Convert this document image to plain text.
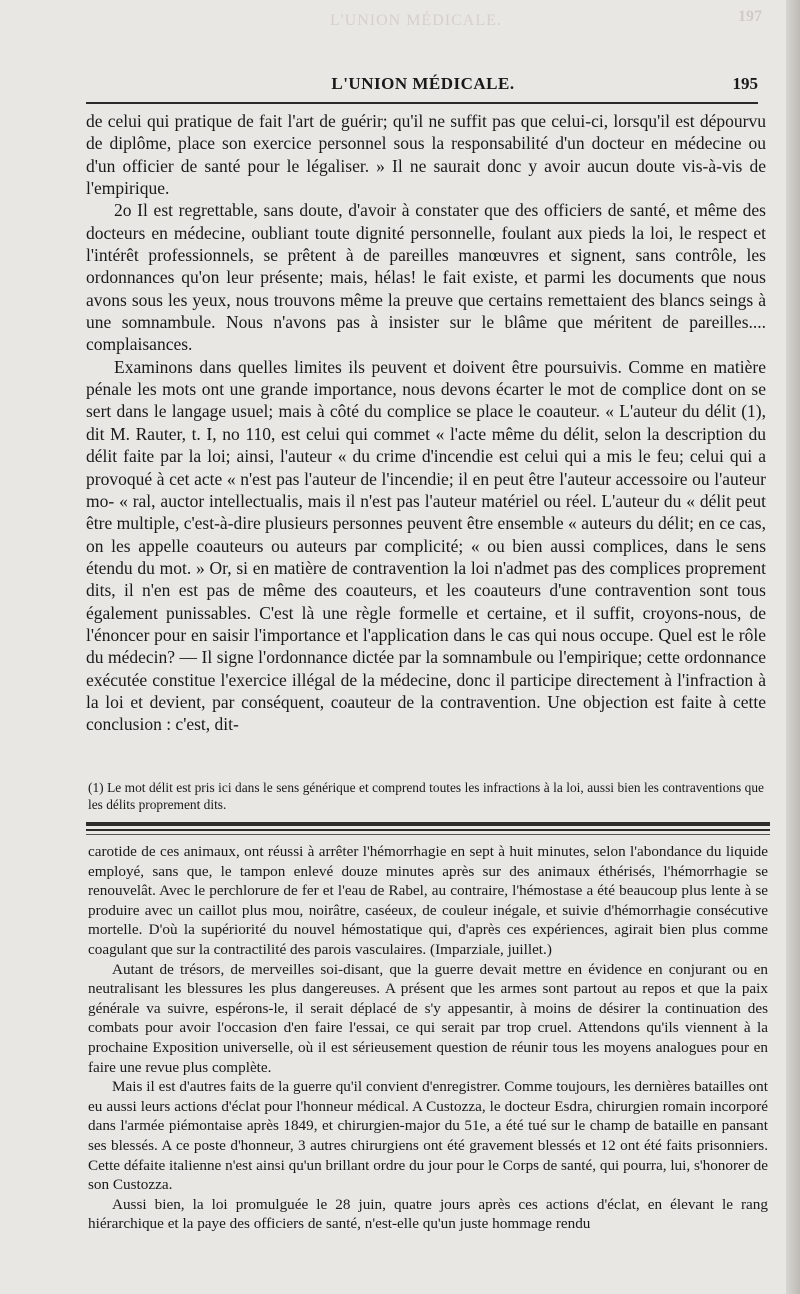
L'UNION MÉDICALE.	197
L'UNION MÉDICALE.	195

de celui qui pratique de fait l'art de guérir; qu'il ne suffit pas que celui-ci, lorsqu'il est dépourvu de diplôme, place son exercice personnel sous la responsabilité d'un docteur en médecine ou d'un officier de santé pour le légaliser. » Il ne saurait donc y avoir aucun doute vis-à-vis de l'empirique.

2o Il est regrettable, sans doute, d'avoir à constater que des officiers de santé, et même des docteurs en médecine, oubliant toute dignité personnelle, foulant aux pieds la loi, le respect et l'intérêt professionnels, se prêtent à de pareilles manœuvres et signent, sans contrôle, les ordonnances qu'on leur présente; mais, hélas! le fait existe, et parmi les documents que nous avons sous les yeux, nous trouvons même la preuve que certains remettaient des blancs seings à une somnambule. Nous n'avons pas à insister sur le blâme que méritent de pareilles.... complaisances.

Examinons dans quelles limites ils peuvent et doivent être poursuivis. Comme en matière pénale les mots ont une grande importance, nous devons écarter le mot de complice dont on se sert dans le langage usuel; mais à côté du complice se place le coauteur. « L'auteur du délit (1), dit M. Rauter, t. I, no 110, est celui qui commet « l'acte même du délit, selon la description du délit faite par la loi; ainsi, l'auteur « du crime d'incendie est celui qui a mis le feu; celui qui a provoqué à cet acte « n'est pas l'auteur de l'incendie; il en peut être l'auteur accessoire ou l'auteur mo- « ral, auctor intellectualis, mais il n'est pas l'auteur matériel ou réel. L'auteur du « délit peut être multiple, c'est-à-dire plusieurs personnes peuvent être ensemble « auteurs du délit; en ce cas, on les appelle coauteurs ou auteurs par complicité; « ou bien aussi complices, dans le sens étendu du mot. » Or, si en matière de contravention la loi n'admet pas des complices proprement dits, il n'en est pas de même des coauteurs, et les coauteurs d'une contravention sont tous également punissables. C'est là une règle formelle et certaine, et il suffit, croyons-nous, de l'énoncer pour en saisir l'importance et l'application dans le cas qui nous occupe. Quel est le rôle du médecin? — Il signe l'ordonnance dictée par la somnambule ou l'empirique; cette ordonnance exécutée constitue l'exercice illégal de la médecine, donc il participe directement à l'infraction à la loi et devient, par conséquent, coauteur de la contravention. Une objection est faite à cette conclusion : c'est, dit-

(1) Le mot délit est pris ici dans le sens générique et comprend toutes les infractions à la loi, aussi bien les contraventions que les délits proprement dits.

carotide de ces animaux, ont réussi à arrêter l'hémorrhagie en sept à huit minutes, selon l'abondance du liquide employé, sans que, le tampon enlevé douze minutes après sur des animaux éthérisés, l'hémorrhagie se renouvelât. Avec le perchlorure de fer et l'eau de Rabel, au contraire, l'hémostase a été beaucoup plus lente à se produire avec un caillot plus mou, noirâtre, caséeux, de couleur inégale, et suivie d'hémorrhagie consécutive mortelle. D'où la supériorité du nouvel hémostatique qui, d'après ces expériences, agirait bien plus comme coagulant que sur la contractilité des parois vasculaires. (Imparziale, juillet.)

Autant de trésors, de merveilles soi-disant, que la guerre devait mettre en évidence en conjurant ou en neutralisant les blessures les plus dangereuses. A présent que les armes sont partout au repos et que la paix générale va suivre, espérons-le, il serait déplacé de s'y appesantir, à moins de désirer la continuation des combats pour avoir l'occasion d'en faire l'essai, ce qui serait par trop cruel. Attendons qu'ils viennent à la prochaine Exposition universelle, où il est sérieusement question de réunir tous les moyens analogues pour en faire une revue plus complète.

Mais il est d'autres faits de la guerre qu'il convient d'enregistrer. Comme toujours, les dernières batailles ont eu aussi leurs actions d'éclat pour l'honneur médical. A Custozza, le docteur Esdra, chirurgien romain incorporé dans l'armée piémontaise après 1849, et chirurgien-major du 51e, a été tué sur le champ de bataille en pansant ses blessés. A ce poste d'honneur, 3 autres chirurgiens ont été gravement blessés et 12 ont été faits prisonniers. Cette défaite italienne n'est ainsi qu'un brillant ordre du jour pour le Corps de santé, qui pourra, lui, s'honorer de son Custozza.

Aussi bien, la loi promulguée le 28 juin, quatre jours après ces actions d'éclat, en élevant le rang hiérarchique et la paye des officiers de santé, n'est-elle qu'un juste hommage rendu
